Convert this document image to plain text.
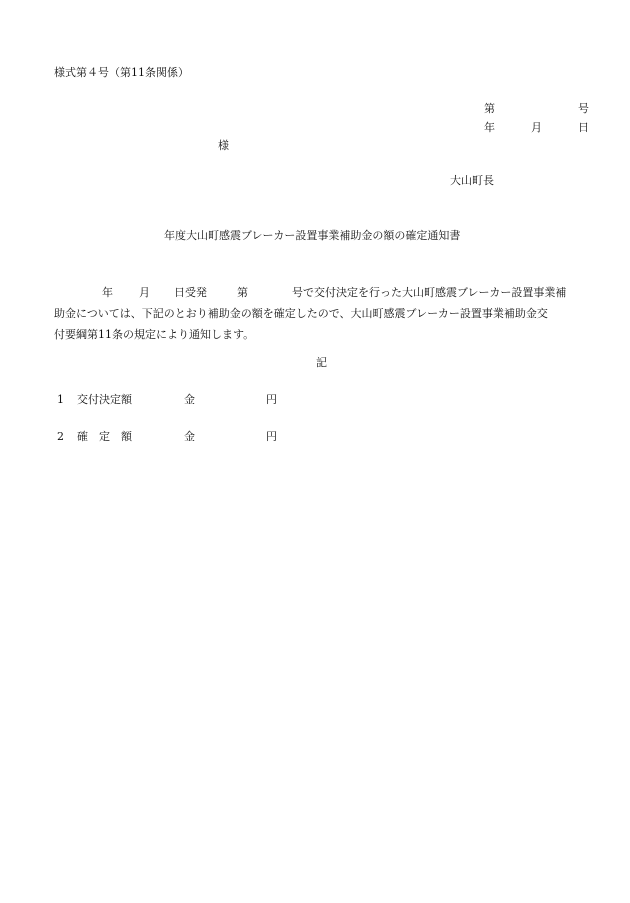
様式第４号（第11条関係）
第	号
年	月	日
様
大山町長
年度大山町感震ブレーカー設置事業補助金の額の確定通知書
年 月 日受発	第	号で交付決定を行った大山町感震ブレーカー設置事業補
助金については、下記のとおり補助金の額を確定したので、大山町感震ブレーカー設置事業補助金交
付要綱第11条の規定により通知します。
記
1 交付決定額	金	円
2 確　定　額	金	円
